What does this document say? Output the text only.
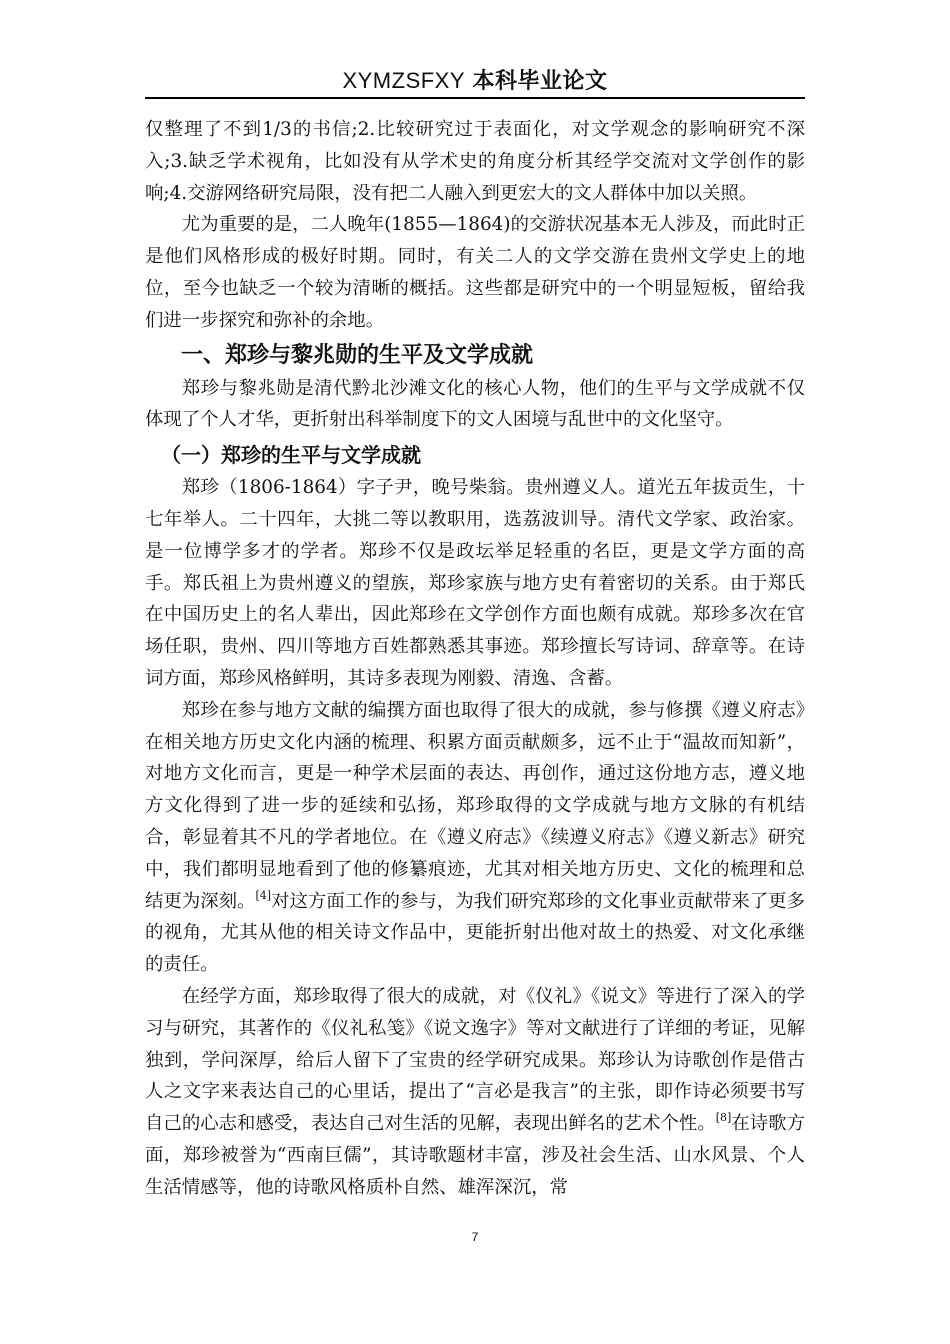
XYMZSFXY 本科毕业论文

仅整理了不到1/3的书信;2.比较研究过于表面化，对文学观念的影响研究不深入;3.缺乏学术视角，比如没有从学术史的角度分析其经学交流对文学创作的影响;4.交游网络研究局限，没有把二人融入到更宏大的文人群体中加以关照。

尤为重要的是，二人晚年(1855—1864)的交游状况基本无人涉及，而此时正是他们风格形成的极好时期。同时，有关二人的文学交游在贵州文学史上的地位，至今也缺乏一个较为清晰的概括。这些都是研究中的一个明显短板，留给我们进一步探究和弥补的余地。

一、郑珍与黎兆勋的生平及文学成就

郑珍与黎兆勋是清代黔北沙滩文化的核心人物，他们的生平与文学成就不仅体现了个人才华，更折射出科举制度下的文人困境与乱世中的文化坚守。

（一）郑珍的生平与文学成就

郑珍（1806-1864）字子尹，晚号柴翁。贵州遵义人。道光五年拔贡生，十七年举人。二十四年，大挑二等以教职用，选荔波训导。清代文学家、政治家。是一位博学多才的学者。郑珍不仅是政坛举足轻重的名臣，更是文学方面的高手。郑氏祖上为贵州遵义的望族，郑珍家族与地方史有着密切的关系。由于郑氏在中国历史上的名人辈出，因此郑珍在文学创作方面也颇有成就。郑珍多次在官场任职，贵州、四川等地方百姓都熟悉其事迹。郑珍擅长写诗词、辞章等。在诗词方面，郑珍风格鲜明，其诗多表现为刚毅、清逸、含蓄。

郑珍在参与地方文献的编撰方面也取得了很大的成就，参与修撰《遵义府志》在相关地方历史文化内涵的梳理、积累方面贡献颇多，远不止于“温故而知新”，对地方文化而言，更是一种学术层面的表达、再创作，通过这份地方志，遵义地方文化得到了进一步的延续和弘扬，郑珍取得的文学成就与地方文脉的有机结合，彰显着其不凡的学者地位。在《遵义府志》《续遵义府志》《遵义新志》研究中，我们都明显地看到了他的修纂痕迹，尤其对相关地方历史、文化的梳理和总结更为深刻。[4]对这方面工作的参与，为我们研究郑珍的文化事业贡献带来了更多的视角，尤其从他的相关诗文作品中，更能折射出他对故土的热爱、对文化承继的责任。

在经学方面，郑珍取得了很大的成就，对《仪礼》《说文》等进行了深入的学习与研究，其著作的《仪礼私笺》《说文逸字》等对文献进行了详细的考证，见解独到，学问深厚，给后人留下了宝贵的经学研究成果。郑珍认为诗歌创作是借古人之文字来表达自己的心里话，提出了“言必是我言”的主张，即作诗必须要书写自己的心志和感受，表达自己对生活的见解，表现出鲜名的艺术个性。[8]在诗歌方面，郑珍被誉为“西南巨儒”，其诗歌题材丰富，涉及社会生活、山水风景、个人生活情感等，他的诗歌风格质朴自然、雄浑深沉，常

7
